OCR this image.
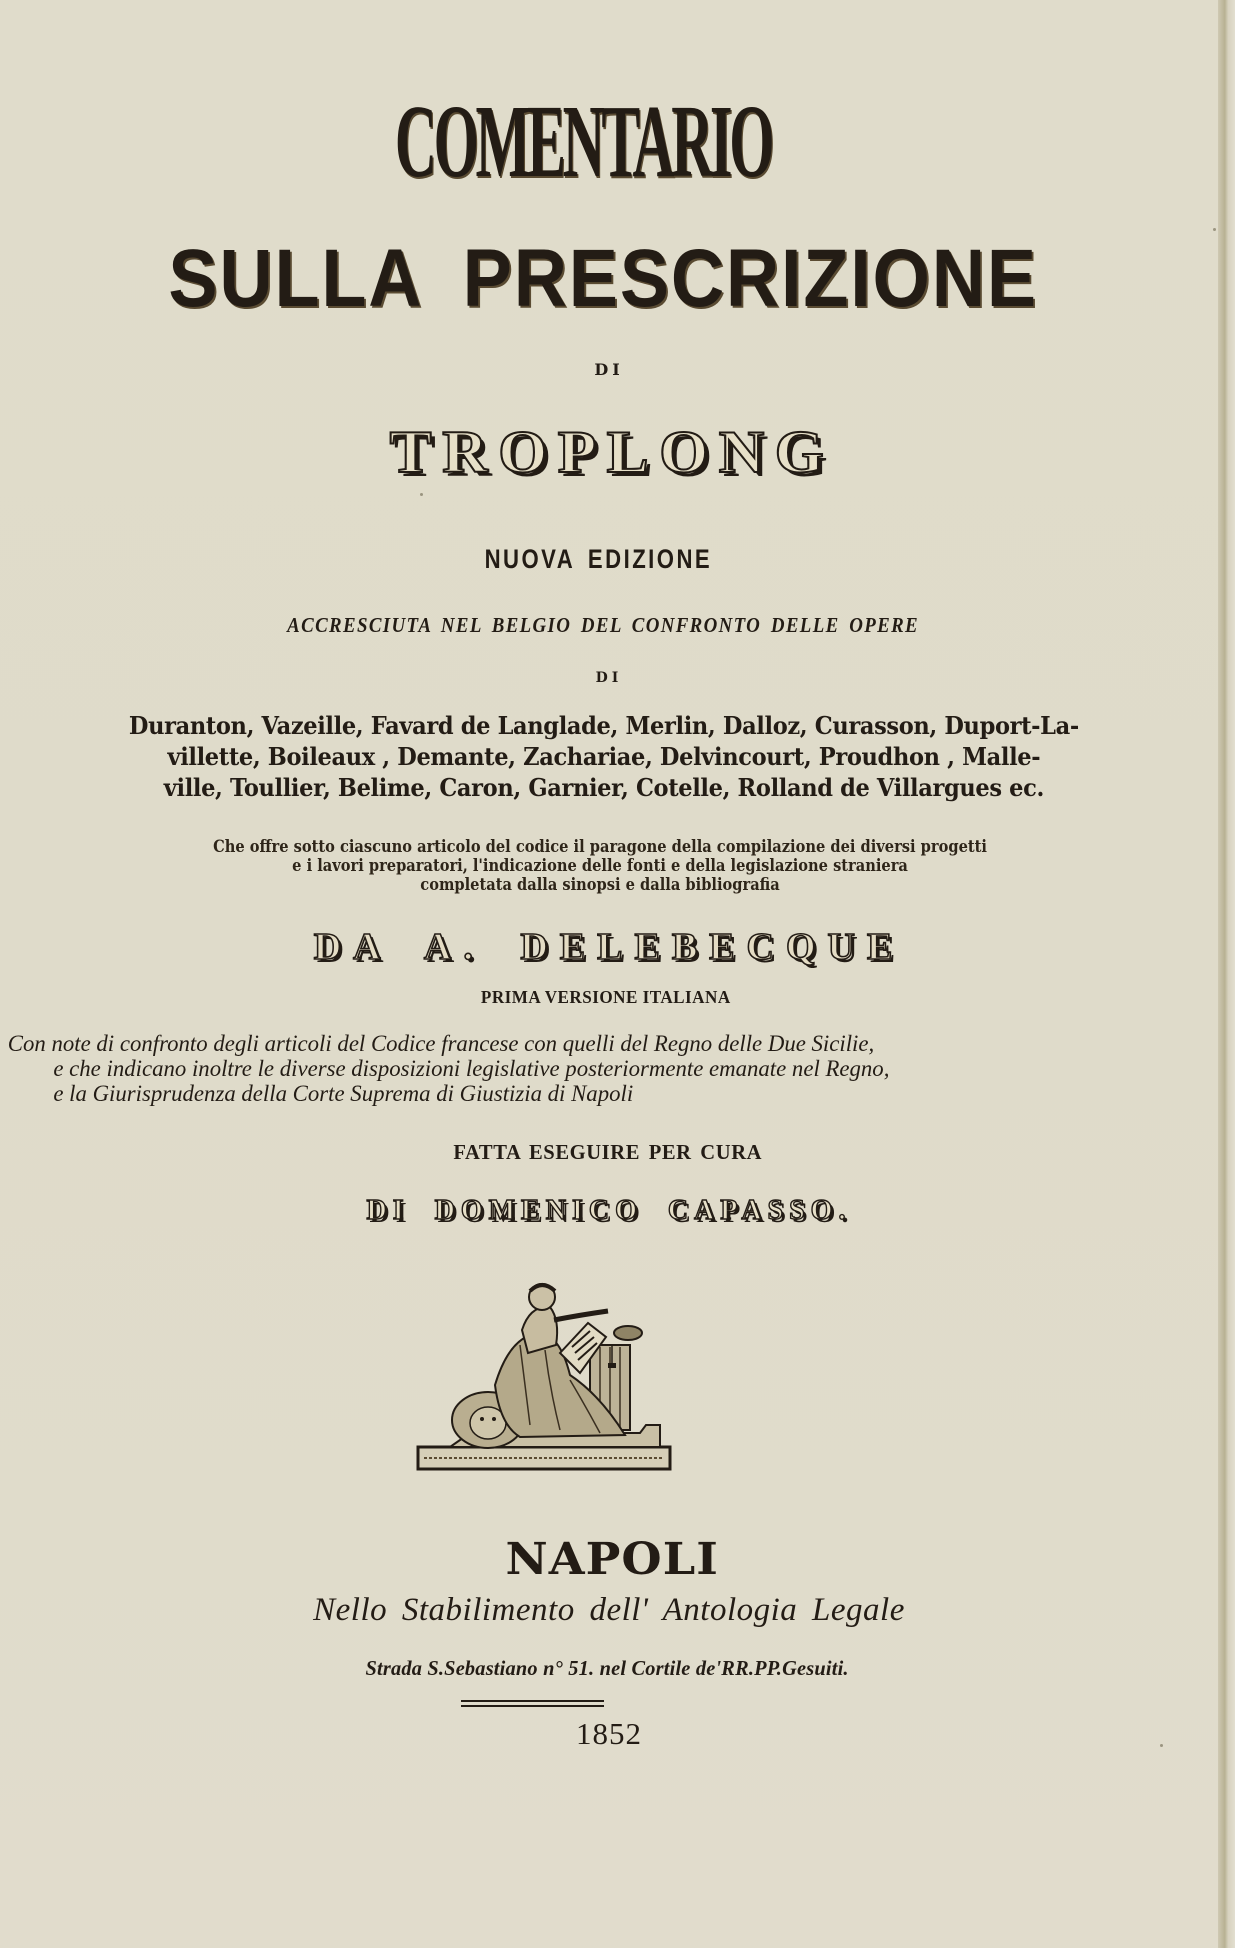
COMENTARIO
SULLA PRESCRIZIONE
DI
TROPLONG
NUOVA EDIZIONE
ACCRESCIUTA NEL BELGIO DEL CONFRONTO DELLE OPERE
DI
Duranton, Vazeille, Favard de Langlade, Merlin, Dalloz, Curasson, Duport-La-
villette, Boileaux , Demante, Zachariae, Delvincourt, Proudhon , Malle-
ville, Toullier, Belime, Caron, Garnier, Cotelle, Rolland de Villargues ec.
Che offre sotto ciascuno articolo del codice il paragone della compilazione dei diversi progetti
e i lavori preparatori, l'indicazione delle fonti e della legislazione straniera
completata dalla sinopsi e dalla bibliografia
DA A. DELEBECQUE
PRIMA VERSIONE ITALIANA
Con note di confronto degli articoli del Codice francese con quelli del Regno delle Due Sicilie,
e che indicano inoltre le diverse disposizioni legislative posteriormente emanate nel Regno,
e la Giurisprudenza della Corte Suprema di Giustizia di Napoli
FATTA ESEGUIRE PER CURA
DI DOMENICO CAPASSO.
NAPOLI
Nello Stabilimento dell' Antologia Legale
Strada S.Sebastiano n° 51. nel Cortile de'RR.PP.Gesuiti.
1852
